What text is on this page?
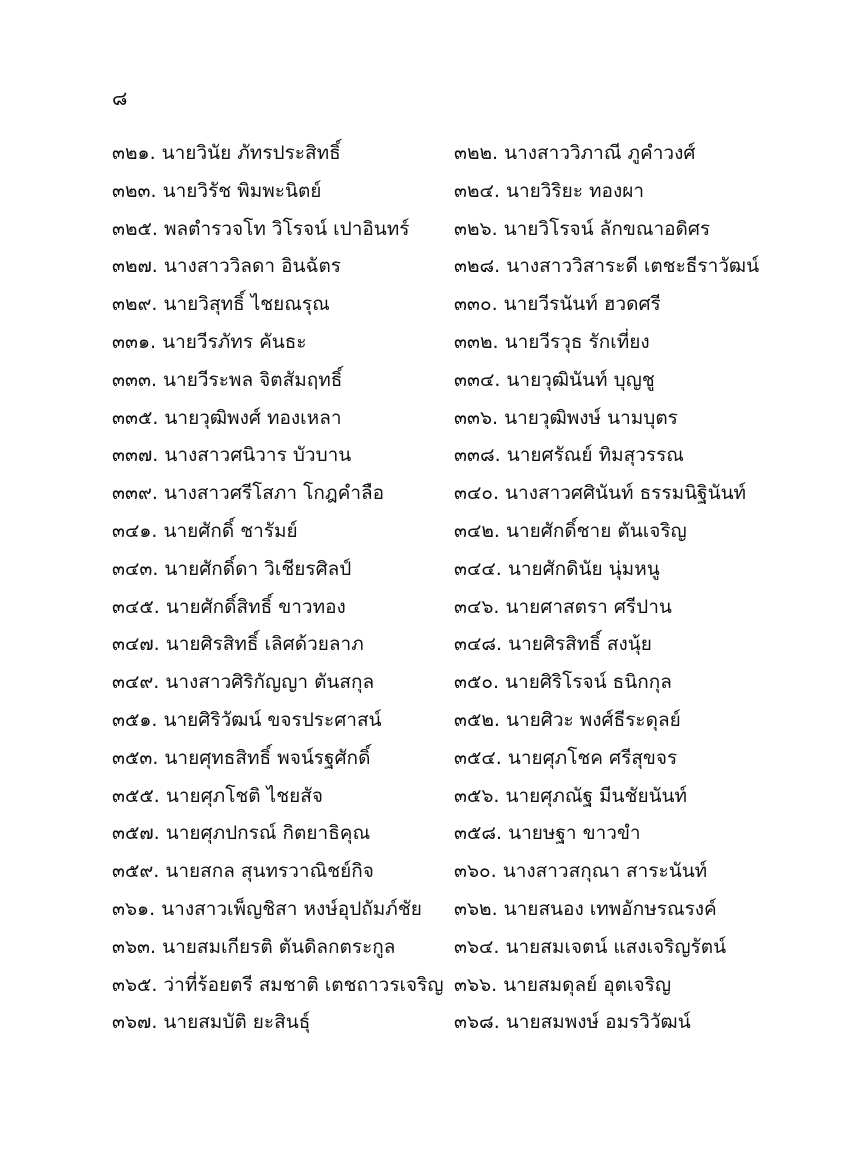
๘
๓๒๑. นายวินัย ภัทรประสิทธิ์	๓๒๒. นางสาววิภาณี ภูคำวงศ์
๓๒๓. นายวิรัช พิมพะนิตย์	๓๒๔. นายวิริยะ ทองผา
๓๒๕. พลตำรวจโท วิโรจน์ เปาอินทร์	๓๒๖. นายวิโรจน์ ลักขณาอดิศร
๓๒๗. นางสาววิลดา อินฉัตร	๓๒๘. นางสาววิสาระดี เตชะธีราวัฒน์
๓๒๙. นายวิสุทธิ์ ไชยณรุณ	๓๓๐. นายวีรนันท์ ฮวดศรี
๓๓๑. นายวีรภัทร คันธะ	๓๓๒. นายวีรวุธ รักเที่ยง
๓๓๓. นายวีระพล จิตสัมฤทธิ์	๓๓๔. นายวุฒินันท์ บุญชู
๓๓๕. นายวุฒิพงศ์ ทองเหลา	๓๓๖. นายวุฒิพงษ์ นามบุตร
๓๓๗. นางสาวศนิวาร บัวบาน	๓๓๘. นายศรัณย์ ทิมสุวรรณ
๓๓๙. นางสาวศรีโสภา โกฎคำลือ	๓๔๐. นางสาวศศินันท์ ธรรมนิฐินันท์
๓๔๑. นายศักดิ์ ชารัมย์	๓๔๒. นายศักดิ์ชาย ตันเจริญ
๓๔๓. นายศักดิ์ดา วิเชียรศิลป์	๓๔๔. นายศักดินัย นุ่มหนู
๓๔๕. นายศักดิ์สิทธิ์ ขาวทอง	๓๔๖. นายศาสตรา ศรีปาน
๓๔๗. นายศิรสิทธิ์ เลิศด้วยลาภ	๓๔๘. นายศิรสิทธิ์ สงนุ้ย
๓๔๙. นางสาวศิริกัญญา ตันสกุล	๓๕๐. นายศิริโรจน์ ธนิกกุล
๓๕๑. นายศิริวัฒน์ ขจรประศาสน์	๓๕๒. นายศิวะ พงศ์ธีระดุลย์
๓๕๓. นายศุทธสิทธิ์ พจน์รฐศักดิ์	๓๕๔. นายศุภโชค ศรีสุขจร
๓๕๕. นายศุภโชติ ไชยสัจ	๓๕๖. นายศุภณัฐ มีนชัยนันท์
๓๕๗. นายศุภปกรณ์ กิตยาธิคุณ	๓๕๘. นายษฐา ขาวขำ
๓๕๙. นายสกล สุนทรวาณิชย์กิจ	๓๖๐. นางสาวสกุณา สาระนันท์
๓๖๑. นางสาวเพ็ญชิสา หงษ์อุปถัมภ์ชัย	๓๖๒. นายสนอง เทพอักษรณรงค์
๓๖๓. นายสมเกียรติ ตันดิลกตระกูล	๓๖๔. นายสมเจตน์ แสงเจริญรัตน์
๓๖๕. ว่าที่ร้อยตรี สมชาติ เตชถาวรเจริญ ๓๖๖. นายสมดุลย์ อุตเจริญ
๓๖๗. นายสมบัติ ยะสินธุ์	๓๖๘. นายสมพงษ์ อมรวิวัฒน์
